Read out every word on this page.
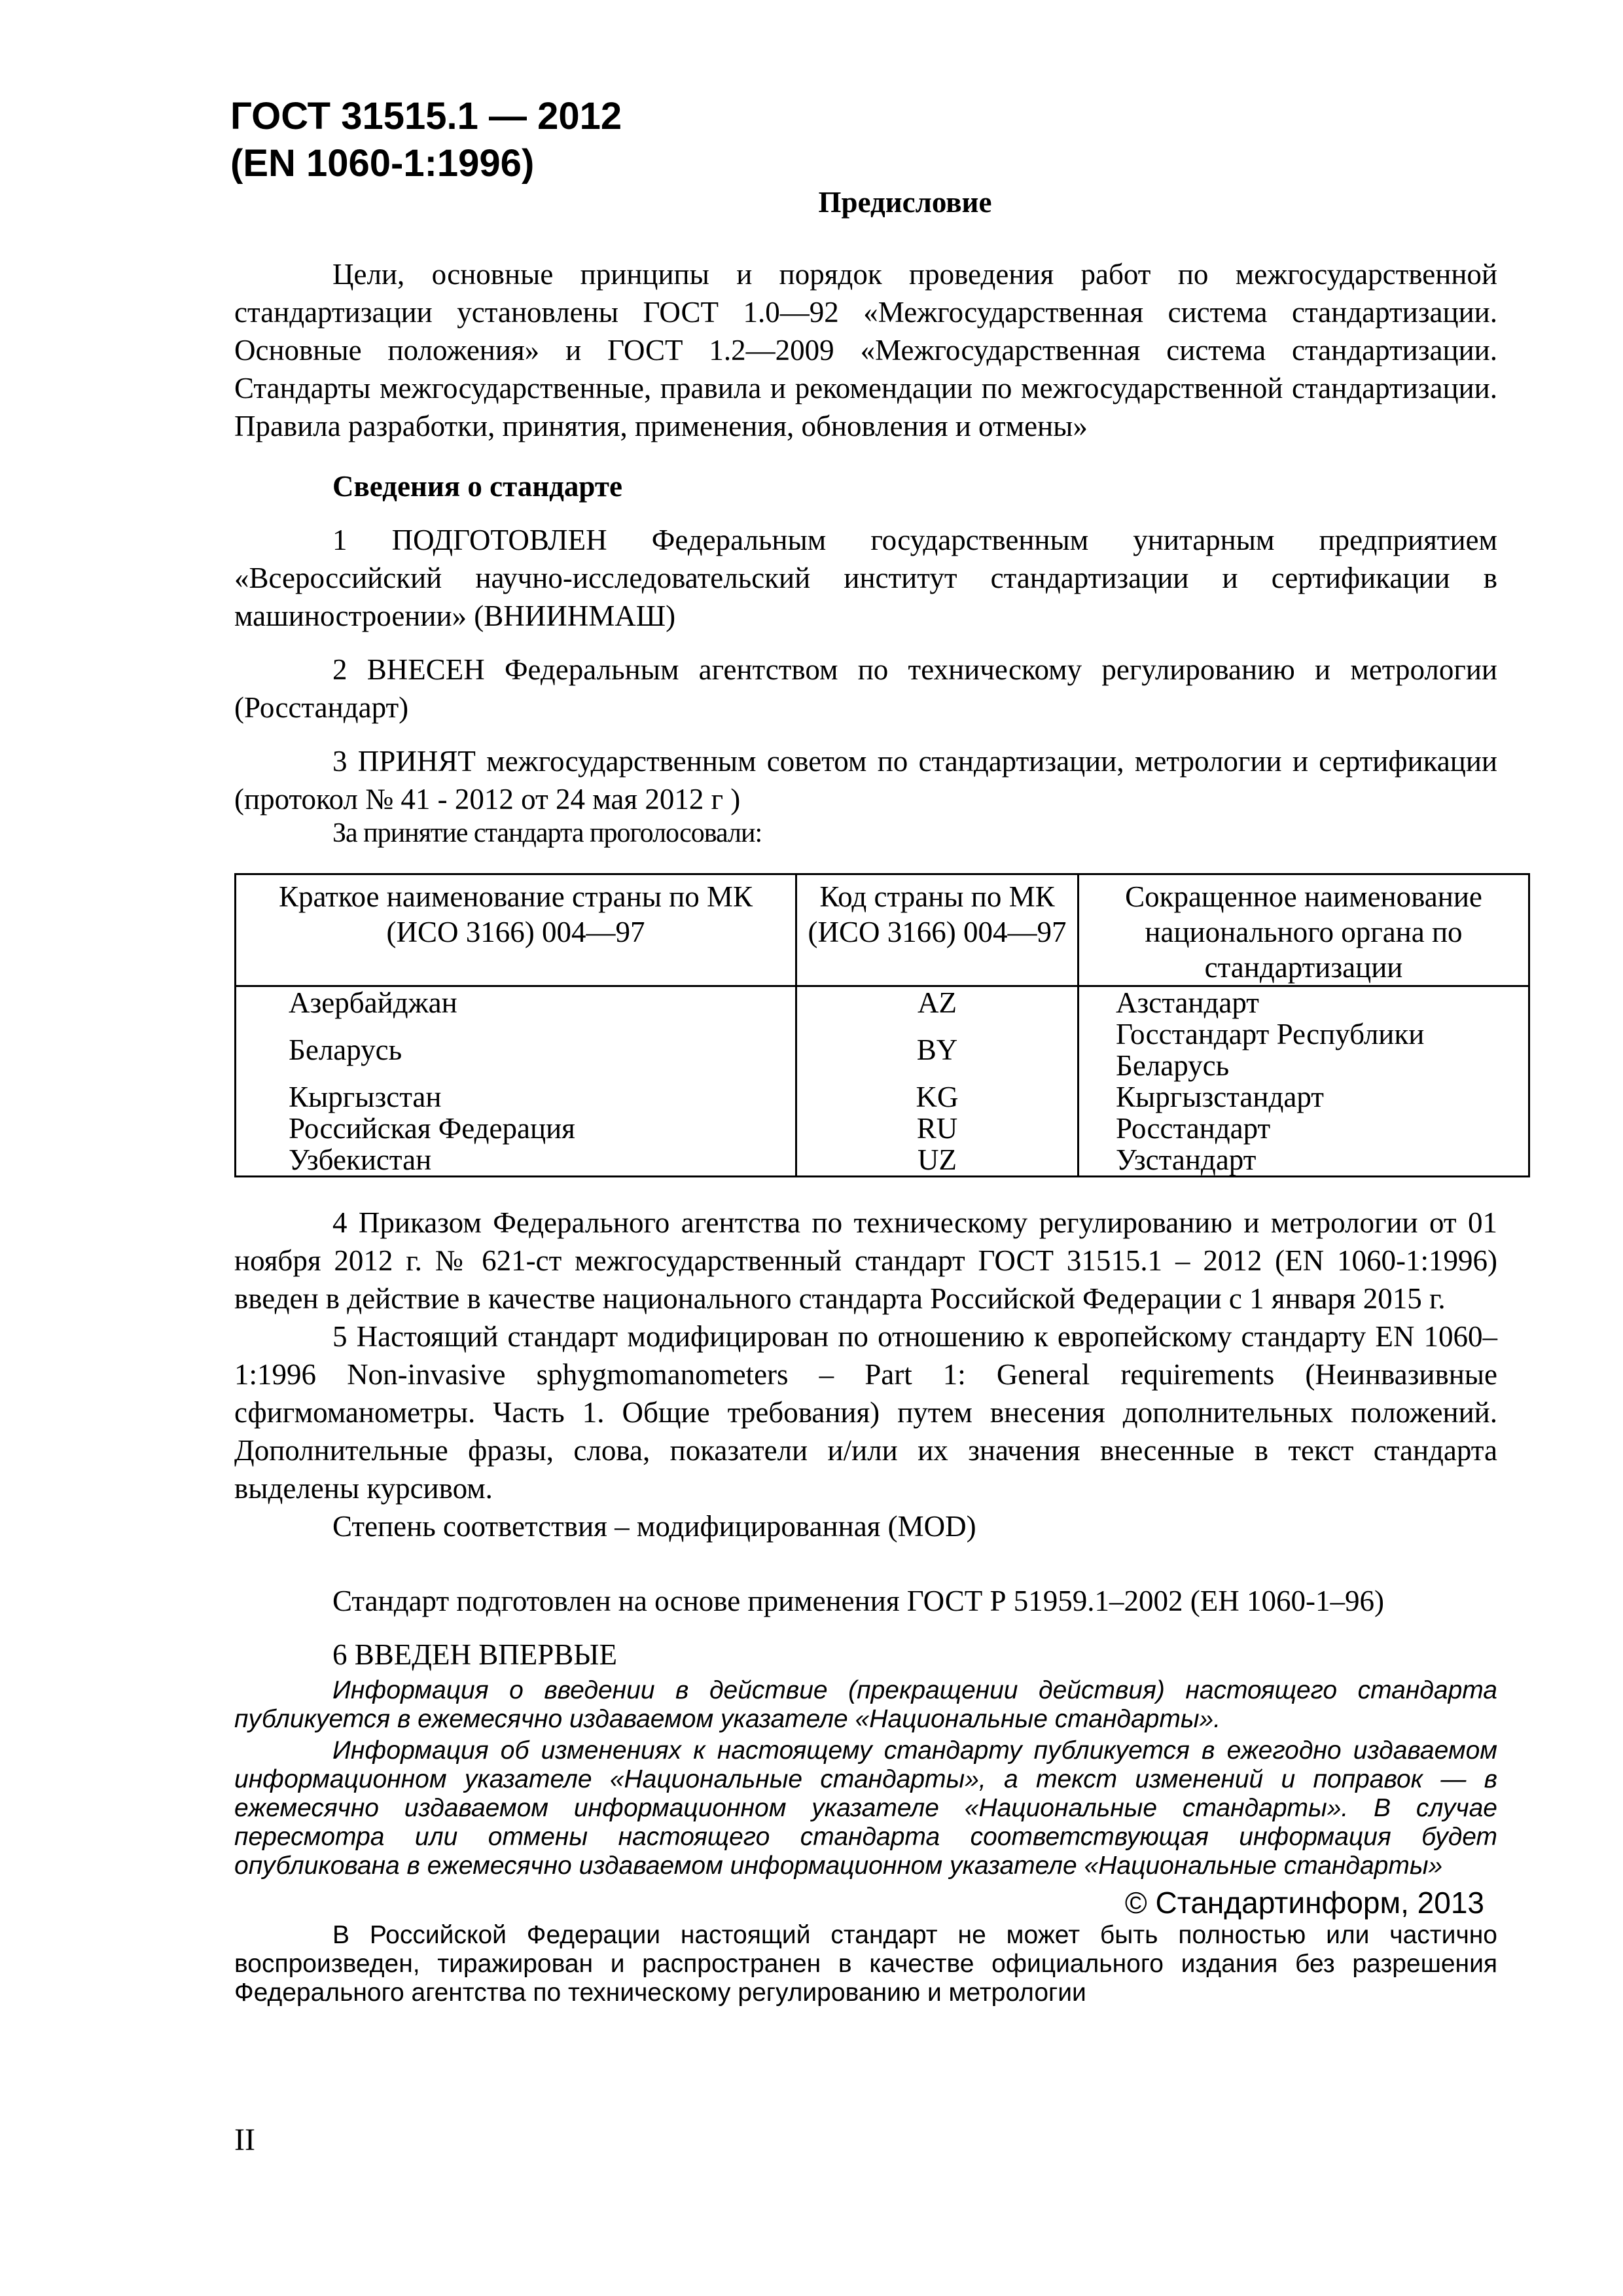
ГОСТ 31515.1 — 2012
(EN 1060-1:1996)

Предисловие

Цели, основные принципы и порядок проведения работ по межгосударственной стандартизации установлены ГОСТ 1.0—92 «Межгосударственная система стандартизации. Основные положения» и ГОСТ 1.2—2009 «Межгосударственная система стандартизации. Стандарты межгосударственные, правила и рекомендации по межгосударственной стандартизации. Правила разработки, принятия, применения, обновления и отмены»

Сведения о стандарте

1 ПОДГОТОВЛЕН Федеральным государственным унитарным предприятием «Всероссийский научно-исследовательский институт стандартизации и сертификации в машиностроении» (ВНИИНМАШ)

2 ВНЕСЕН Федеральным агентством по техническому регулированию и метрологии (Росстандарт)

3 ПРИНЯТ межгосударственным советом по стандартизации, метрологии и сертификации (протокол № 41 - 2012 от 24 мая 2012 г )

За принятие стандарта проголосовали:

Краткое наименование страны по МК (ИСО 3166) 004—97	Код страны по МК (ИСО 3166) 004—97	Сокращенное наименование национального органа по стандартизации
Азербайджан	AZ	Азстандарт
Беларусь	BY	Госстандарт Республики Беларусь
Кыргызстан	KG	Кыргызстандарт
Российская Федерация	RU	Росстандарт
Узбекистан	UZ	Узстандарт

4 Приказом Федерального агентства по техническому регулированию и метрологии от 01 ноября 2012 г. № 621-ст межгосударственный стандарт ГОСТ 31515.1 – 2012 (EN 1060-1:1996) введен в действие в качестве национального стандарта Российской Федерации с 1 января 2015 г.

5 Настоящий стандарт модифицирован по отношению к европейскому стандарту EN 1060–1:1996 Non-invasive sphygmomanometers – Part 1: General requirements (Неинвазивные сфигмоманометры. Часть 1. Общие требования) путем внесения дополнительных положений. Дополнительные фразы, слова, показатели и/или их значения внесенные в текст стандарта выделены курсивом.

Степень соответствия – модифицированная (MOD)

Стандарт подготовлен на основе применения ГОСТ Р 51959.1–2002 (ЕН 1060-1–96)

6 ВВЕДЕН ВПЕРВЫЕ

Информация о введении в действие (прекращении действия) настоящего стандарта публикуется в ежемесячно издаваемом указателе «Национальные стандарты».

Информация об изменениях к настоящему стандарту публикуется в ежегодно издаваемом информационном указателе «Национальные стандарты», а текст изменений и поправок — в ежемесячно издаваемом информационном указателе «Национальные стандарты». В случае пересмотра или отмены настоящего стандарта соответствующая информация будет опубликована в ежемесячно издаваемом информационном указателе «Национальные стандарты»

© Стандартинформ, 2013

В Российской Федерации настоящий стандарт не может быть полностью или частично воспроизведен, тиражирован и распространен в качестве официального издания без разрешения Федерального агентства по техническому регулированию и метрологии

II
